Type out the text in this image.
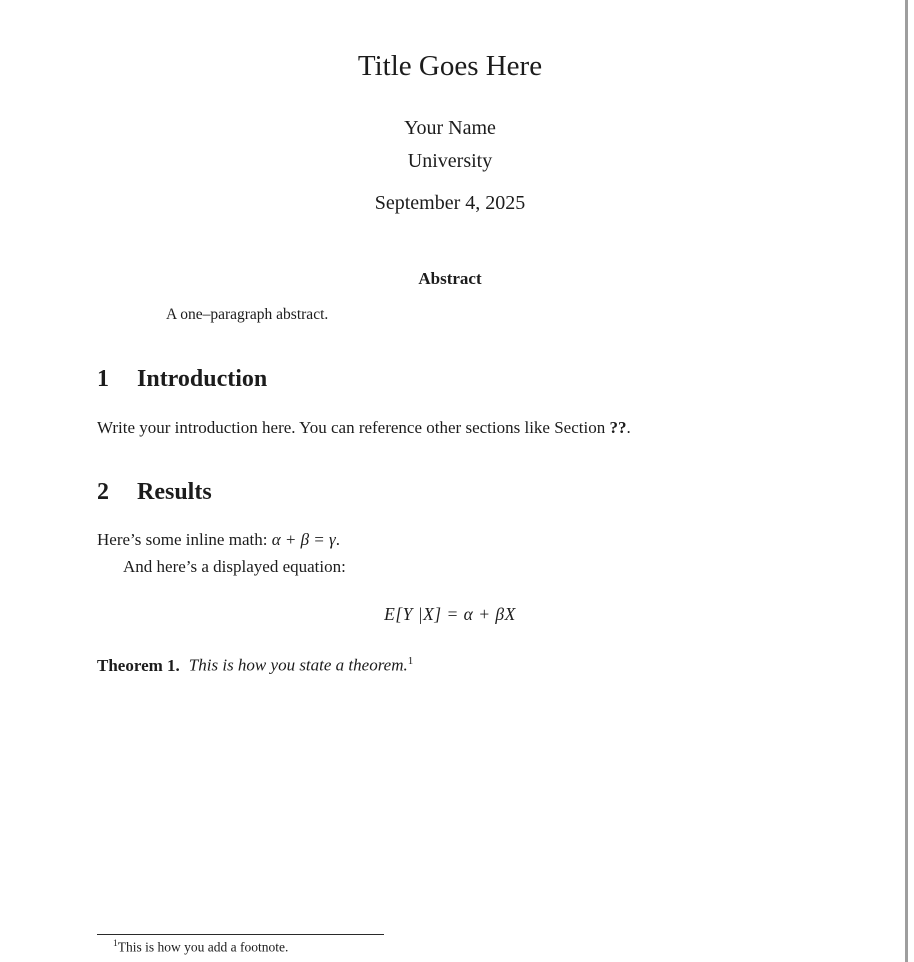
Title Goes Here
Your Name
University
September 4, 2025
Abstract
A one–paragraph abstract.
1 Introduction
Write your introduction here. You can reference other sections like Section ??.
2 Results
Here’s some inline math: α + β = γ.
And here’s a displayed equation:
E[Y |X] = α + βX
Theorem 1. This is how you state a theorem.$^1$
$^1$This is how you add a footnote.
